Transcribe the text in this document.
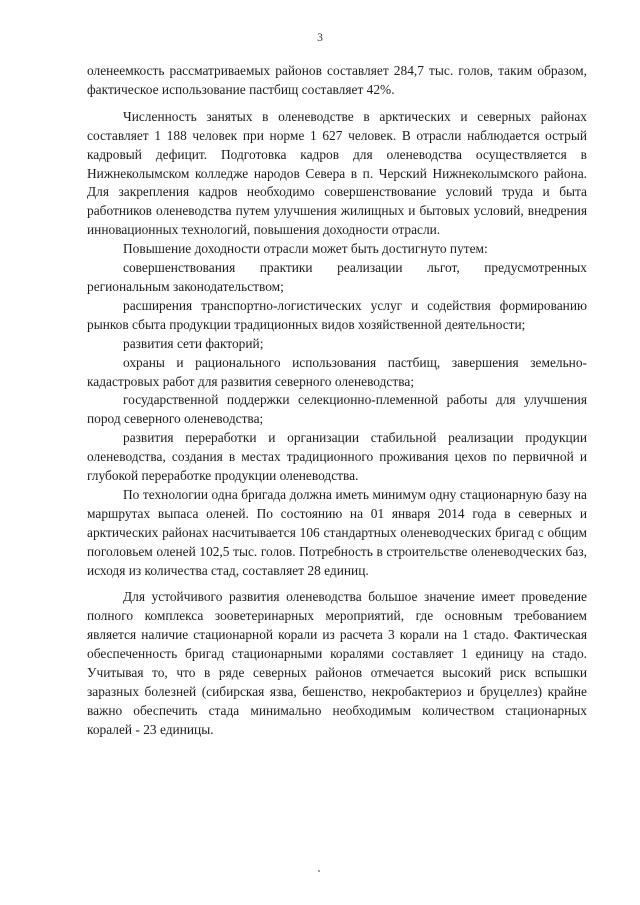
3

оленеемкость рассматриваемых районов составляет 284,7 тыс. голов, таким образом, фактическое использование пастбищ составляет 42%.

Численность занятых в оленеводстве в арктических и северных районах составляет 1 188 человек при норме 1 627 человек. В отрасли наблюдается острый кадровый дефицит. Подготовка кадров для оленеводства осуществляется в Нижнеколымском колледже народов Севера в п. Черский Нижнеколымского района. Для закрепления кадров необходимо совершенствование условий труда и быта работников оленеводства путем улучшения жилищных и бытовых условий, внедрения инновационных технологий, повышения доходности отрасли.

Повышение доходности отрасли может быть достигнуто путем:

совершенствования практики реализации льгот, предусмотренных региональным законодательством;

расширения транспортно-логистических услуг и содействия формированию рынков сбыта продукции традиционных видов хозяйственной деятельности;

развития сети факторий;

охраны и рационального использования пастбищ, завершения земельно-кадастровых работ для развития северного оленеводства;

государственной поддержки селекционно-племенной работы для улучшения пород северного оленеводства;

развития переработки и организации стабильной реализации продукции оленеводства, создания в местах традиционного проживания цехов по первичной и глубокой переработке продукции оленеводства.

По технологии одна бригада должна иметь минимум одну стационарную базу на маршрутах выпаса оленей. По состоянию на 01 января 2014 года в северных и арктических районах насчитывается 106 стандартных оленеводческих бригад с общим поголовьем оленей 102,5 тыс. голов. Потребность в строительстве оленеводческих баз, исходя из количества стад, составляет 28 единиц.

Для устойчивого развития оленеводства большое значение имеет проведение полного комплекса зооветеринарных мероприятий, где основным требованием является наличие стационарной корали из расчета 3 корали на 1 стадо. Фактическая обеспеченность бригад стационарными коралями составляет 1 единицу на стадо. Учитывая то, что в ряде северных районов отмечается высокий риск вспышки заразных болезней (сибирская язва, бешенство, некробактериоз и бруцеллез) крайне важно обеспечить стада минимально необходимым количеством стационарных коралей - 23 единицы.
